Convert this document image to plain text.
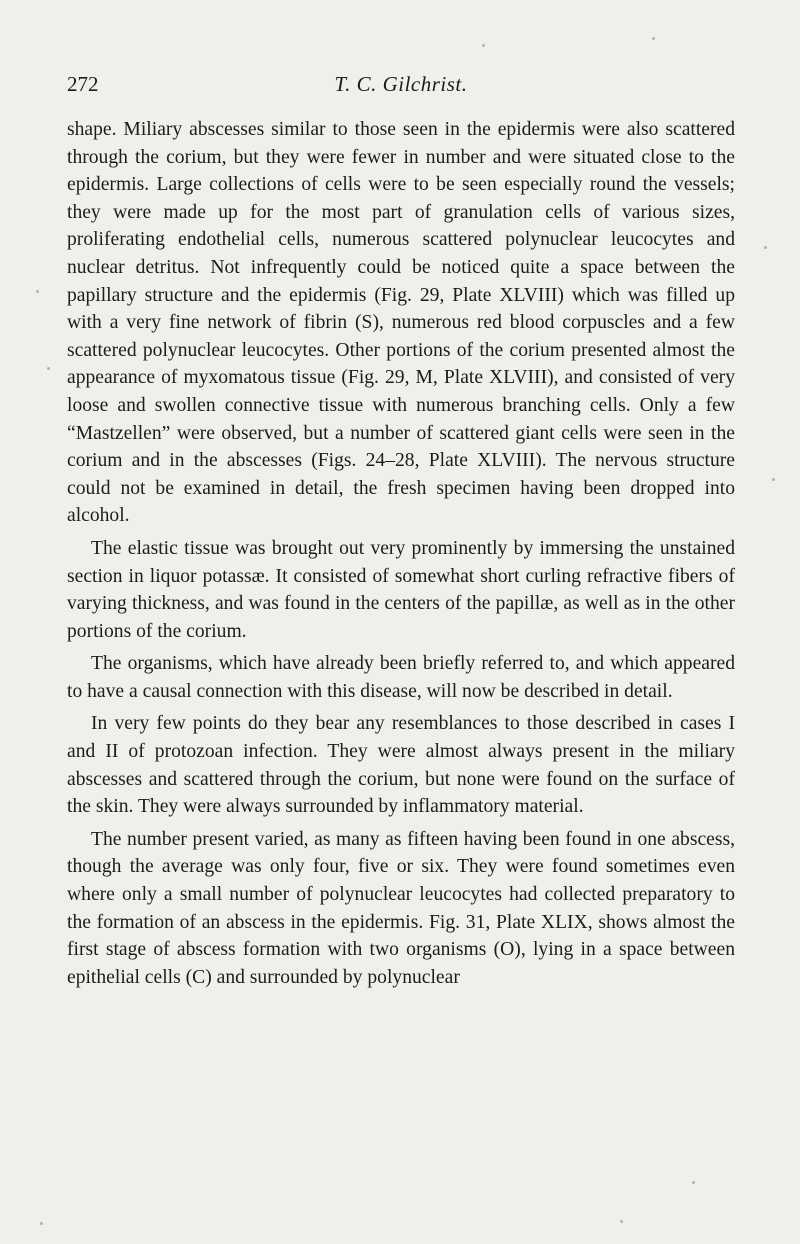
272	T. C. Gilchrist.

shape. Miliary abscesses similar to those seen in the epidermis were also scattered through the corium, but they were fewer in number and were situated close to the epidermis. Large collections of cells were to be seen especially round the vessels; they were made up for the most part of granulation cells of various sizes, proliferating endothelial cells, numerous scattered polynuclear leucocytes and nuclear detritus. Not infrequently could be noticed quite a space between the papillary structure and the epidermis (Fig. 29, Plate XLVIII) which was filled up with a very fine network of fibrin (S), numerous red blood corpuscles and a few scattered polynuclear leucocytes. Other portions of the corium presented almost the appearance of myxomatous tissue (Fig. 29, M, Plate XLVIII), and consisted of very loose and swollen connective tissue with numerous branching cells. Only a few “Mastzellen” were observed, but a number of scattered giant cells were seen in the corium and in the abscesses (Figs. 24–28, Plate XLVIII). The nervous structure could not be examined in detail, the fresh specimen having been dropped into alcohol.

The elastic tissue was brought out very prominently by immersing the unstained section in liquor potassæ. It consisted of somewhat short curling refractive fibers of varying thickness, and was found in the centers of the papillæ, as well as in the other portions of the corium.

The organisms, which have already been briefly referred to, and which appeared to have a causal connection with this disease, will now be described in detail.

In very few points do they bear any resemblances to those described in cases I and II of protozoan infection. They were almost always present in the miliary abscesses and scattered through the corium, but none were found on the surface of the skin. They were always surrounded by inflammatory material.

The number present varied, as many as fifteen having been found in one abscess, though the average was only four, five or six. They were found sometimes even where only a small number of polynuclear leucocytes had collected preparatory to the formation of an abscess in the epidermis. Fig. 31, Plate XLIX, shows almost the first stage of abscess formation with two organisms (O), lying in a space between epithelial cells (C) and surrounded by polynuclear
